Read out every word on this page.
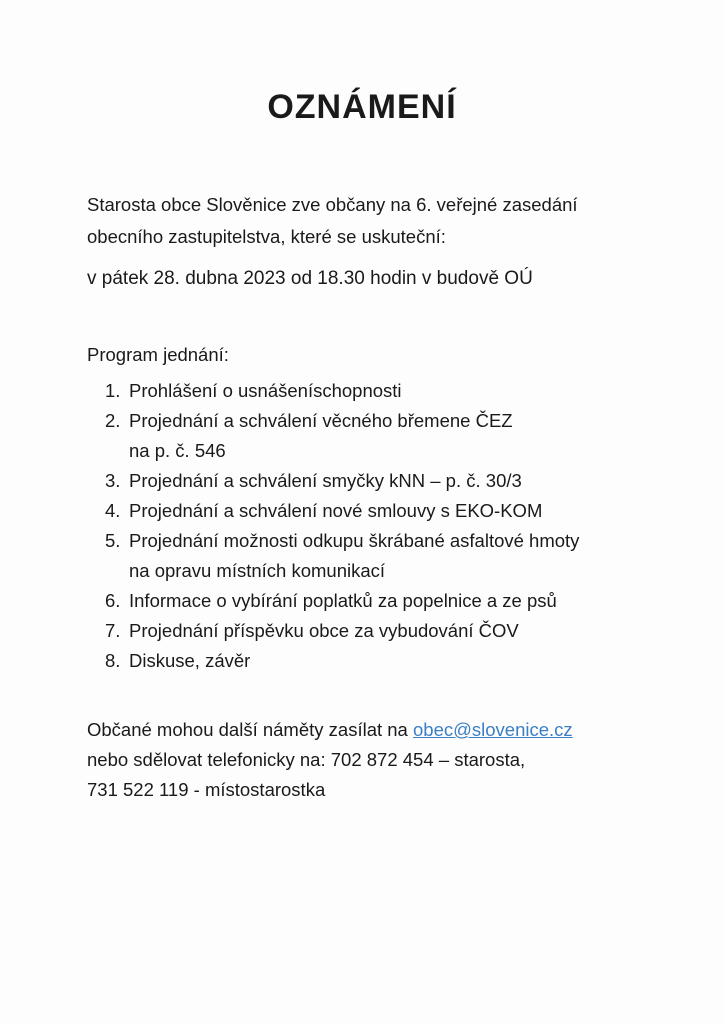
OZNÁMENÍ
Starosta obce Slověnice zve občany na 6. veřejné zasedání
obecního zastupitelstva, které se uskuteční:
v pátek 28. dubna 2023 od 18.30 hodin v budově OÚ
Program jednání:
1. Prohlášení o usnášeníschopnosti
2. Projednání a schválení věcného břemene ČEZ
na p. č. 546
3. Projednání a schválení smyčky kNN – p. č. 30/3
4. Projednání a schválení nové smlouvy s EKO-KOM
5. Projednání možnosti odkupu škrábané asfaltové hmoty
na opravu místních komunikací
6. Informace o vybírání poplatků za popelnice a ze psů
7. Projednání příspěvku obce za vybudování ČOV
8. Diskuse, závěr
Občané mohou další náměty zasílat na obec@slovenice.cz
nebo sdělovat telefonicky na: 702 872 454 – starosta,
731 522 119 - místostarostka
